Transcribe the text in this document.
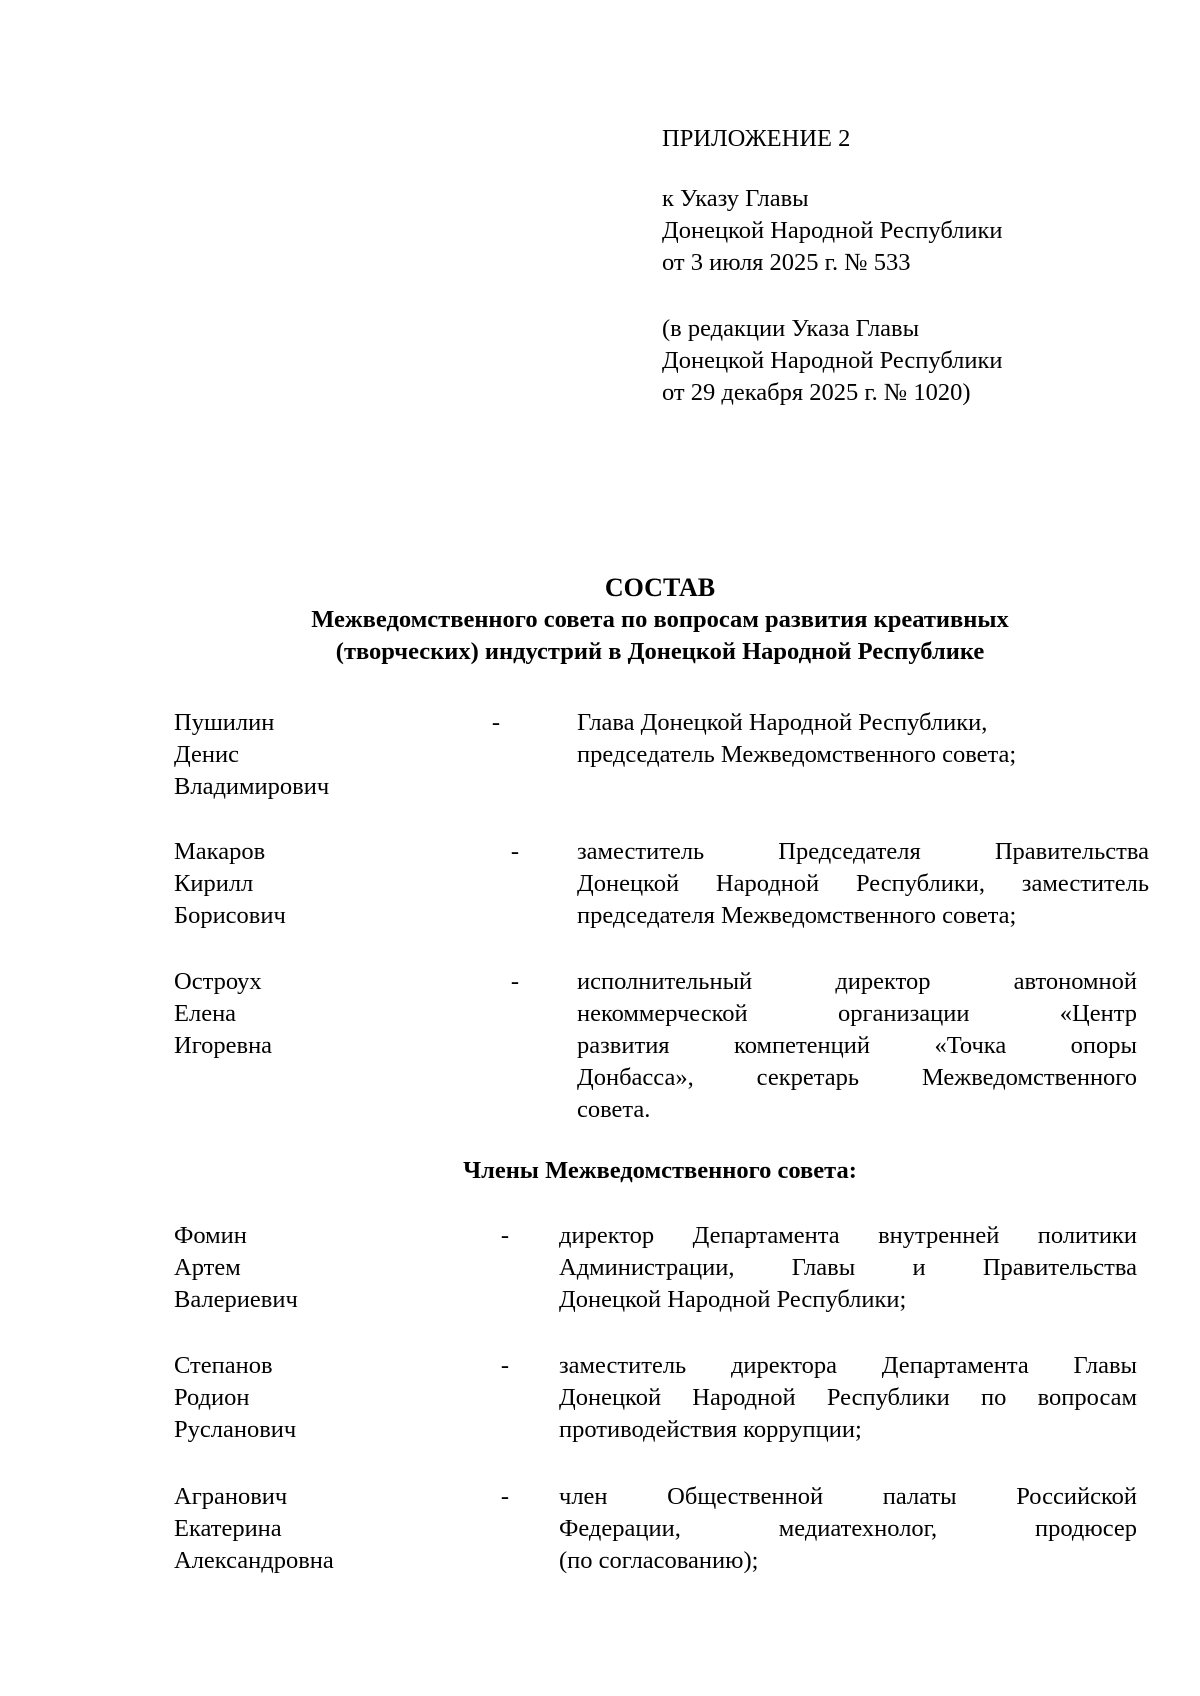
ПРИЛОЖЕНИЕ 2
к Указу Главы
Донецкой Народной Республики
от 3 июля 2025 г. № 533
(в редакции Указа Главы
Донецкой Народной Республики
от 29 декабря 2025 г. № 1020)
СОСТАВ
Межведомственного совета по вопросам развития креативных
(творческих) индустрий в Донецкой Народной Республике
Пушилин
Денис
Владимирович
-	Глава Донецкой Народной Республики,
председатель Межведомственного совета;
Макаров
Кирилл
Борисович
- заместитель Председателя Правительства
Донецкой Народной Республики, заместитель
председателя Межведомственного совета;
Остроух
Елена
Игоревна
- исполнительный директор автономной
некоммерческой организации «Центр
развития компетенций «Точка опоры
Донбасса», секретарь Межведомственного
совета.
Члены Межведомственного совета:
Фомин
Артем
Валериевич
- директор Департамента внутренней политики
Администрации, Главы и Правительства
Донецкой Народной Республики;
Степанов
Родион
Русланович
- заместитель директора Департамента Главы
Донецкой Народной Республики по вопросам
противодействия коррупции;
Агранович
Екатерина
Александровна
- член Общественной палаты Российской
Федерации, медиатехнолог, продюсер
(по согласованию);
